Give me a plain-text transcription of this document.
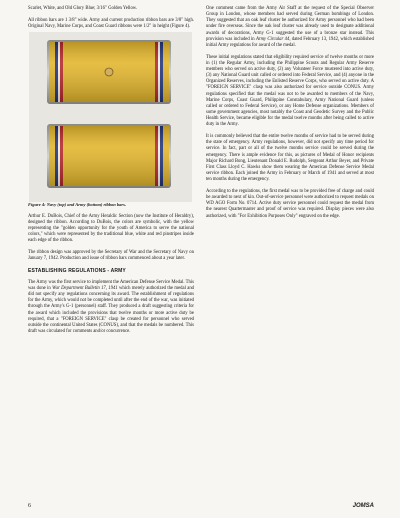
Scarlet, White, and Old Glory Blue; 3/16" Golden Yellow.

All ribbon bars are 1 3/8" wide. Army and current production ribbon bars are 3/8" high. Original Navy, Marine Corps, and Coast Guard ribbons were 1/2" in height (Figure 4).

Figure 4: Navy (top) and Army (bottom) ribbon bars.

Arthur E. DuBois, Chief of the Army Heraldic Section (now the Institute of Heraldry), designed the ribbon. According to DuBois, the colors are symbolic, with the yellow representing the "golden opportunity for the youth of America to serve the national colors," which were represented by the traditional blue, white and red pinstripes inside each edge of the ribbon.

The ribbon design was approved by the Secretary of War and the Secretary of Navy on January 7, 1942. Production and issue of ribbon bars commenced about a year later.

ESTABLISHING REGULATIONS - ARMY

The Army was the first service to implement the American Defense Service Medal. This was done in War Department Bulletin 17, 1941 which merely authorized the medal and did not specify any regulations concerning its award. The establishment of regulations for the Army, which would not be completed until after the end of the war, was initiated through the Army's G-1 (personnel) staff. They produced a draft suggesting criteria for the award which included the provisions that twelve months or more active duty be required, that a "FOREIGN SERVICE" clasp be created for personnel who served outside the continental United States (CONUS), and that the medals be numbered. This draft was circulated for comments and/or concurrence.

One comment came from the Army Air Staff at the request of the Special Observer Group in London, whose members had served during German bombings of London. They suggested that an oak leaf cluster be authorized for Army personnel who had been under fire overseas. Since the oak leaf cluster was already used to designate additional awards of decorations, Army G-1 suggested the use of a bronze star instead. This provision was included in Army Circular 44, dated February 13, 1942, which established initial Army regulations for award of the medal.

These initial regulations stated that eligibility required service of twelve months or more in (1) the Regular Army, including the Philippine Scouts and Regular Army Reserve members who served on active duty, (2) any Volunteer Force mustered into active duty, (3) any National Guard unit called or ordered into Federal Service, and (4) anyone in the Organized Reserves, including the Enlisted Reserve Corps, who served on active duty. A "FOREIGN SERVICE" clasp was also authorized for service outside CONUS. Army regulations specified that the medal was not to be awarded to members of the Navy, Marine Corps, Coast Guard, Philippine Constabulary, Army National Guard (unless called or ordered to Federal Service), or any Home Defense organizations. Members of some government agencies, most notably the Coast and Geodetic Survey and the Public Health Service, became eligible for the medal twelve months after being called to active duty in the Army.

It is commonly believed that the entire twelve months of service had to be served during the state of emergency. Army regulations, however, did not specify any time period for service. In fact, part or all of the twelve months service could be served during the emergency. There is ample evidence for this, as pictures of Medal of Honor recipients Major Richard Bong, Lieutenant Donald E. Rudolph, Sergeant Arthur Beyer, and Private First Class Lloyd C. Hawks show them wearing the American Defense Service Medal service ribbon. Each joined the Army in February or March of 1941 and served at most ten months during the emergency.

According to the regulations, the first medal was to be provided free of charge and could be awarded to next of kin. Out-of-service personnel were authorized to request medals on WD AGO Form No. 0714. Active duty service personnel could request the medal from the nearest Quartermaster and proof of service was required. Display pieces were also authorized, with "For Exhibition Purposes Only" engraved on the edge.

6	JOMSA
